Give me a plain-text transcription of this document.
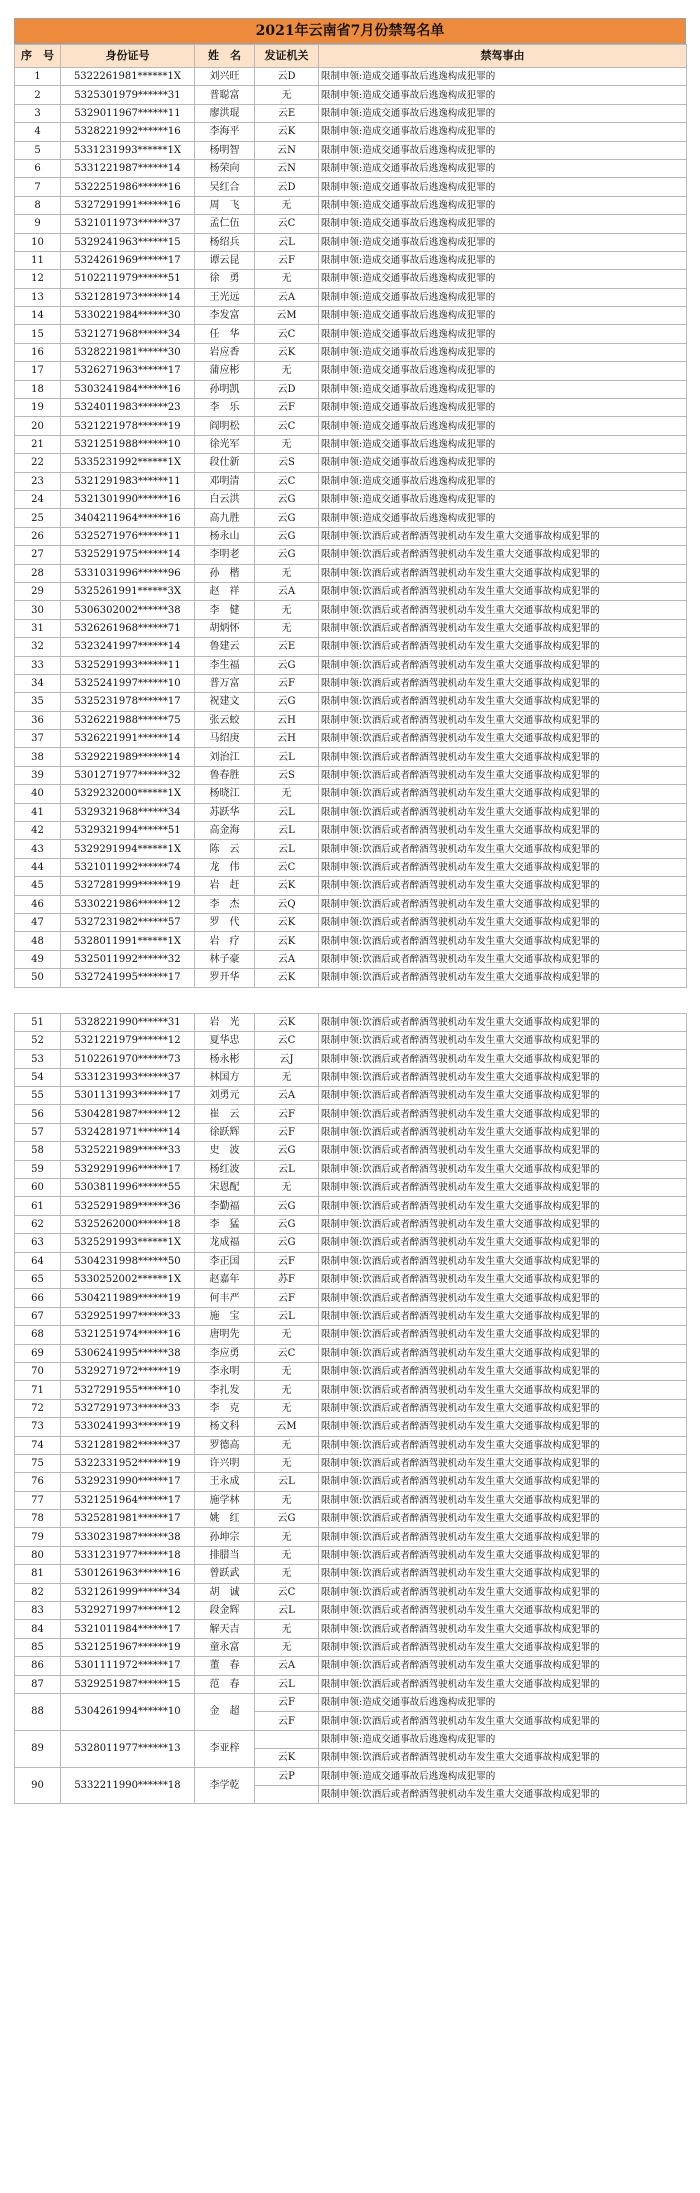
2021年云南省7月份禁驾名单
序　号	身份证号	姓　名	发证机关	禁驾事由
1	5322261981******1X	刘兴旺	云D	限制申领:造成交通事故后逃逸构成犯罪的
2	5325301979******31	普聪富	无	限制申领:造成交通事故后逃逸构成犯罪的
3	5329011967******11	廖洪琨	云E	限制申领:造成交通事故后逃逸构成犯罪的
4	5328221992******16	李海平	云K	限制申领:造成交通事故后逃逸构成犯罪的
5	5331231993******1X	杨明智	云N	限制申领:造成交通事故后逃逸构成犯罪的
6	5331221987******14	杨荣向	云N	限制申领:造成交通事故后逃逸构成犯罪的
7	5322251986******16	吴红合	云D	限制申领:造成交通事故后逃逸构成犯罪的
8	5327291991******16	周　飞	无	限制申领:造成交通事故后逃逸构成犯罪的
9	5321011973******37	孟仁伍	云C	限制申领:造成交通事故后逃逸构成犯罪的
10	5329241963******15	杨绍兵	云L	限制申领:造成交通事故后逃逸构成犯罪的
11	5324261969******17	谭云昆	云F	限制申领:造成交通事故后逃逸构成犯罪的
12	5102211979******51	徐　勇	无	限制申领:造成交通事故后逃逸构成犯罪的
13	5321281973******14	王光远	云A	限制申领:造成交通事故后逃逸构成犯罪的
14	5330221984******30	李发富	云M	限制申领:造成交通事故后逃逸构成犯罪的
15	5321271968******34	任　华	云C	限制申领:造成交通事故后逃逸构成犯罪的
16	5328221981******30	岩应香	云K	限制申领:造成交通事故后逃逸构成犯罪的
17	5326271963******17	蒲应彬	无	限制申领:造成交通事故后逃逸构成犯罪的
18	5303241984******16	孙明凯	云D	限制申领:造成交通事故后逃逸构成犯罪的
19	5324011983******23	李　乐	云F	限制申领:造成交通事故后逃逸构成犯罪的
20	5321221978******19	阎明松	云C	限制申领:造成交通事故后逃逸构成犯罪的
21	5321251988******10	徐光军	无	限制申领:造成交通事故后逃逸构成犯罪的
22	5335231992******1X	段仕新	云S	限制申领:造成交通事故后逃逸构成犯罪的
23	5321291983******11	邓明清	云C	限制申领:造成交通事故后逃逸构成犯罪的
24	5321301990******16	白云洪	云G	限制申领:造成交通事故后逃逸构成犯罪的
25	3404211964******16	高九胜	云G	限制申领:造成交通事故后逃逸构成犯罪的
26	5325271976******11	杨永山	云G	限制申领:饮酒后或者醉酒驾驶机动车发生重大交通事故构成犯罪的
27	5325291975******14	李明老	云G	限制申领:饮酒后或者醉酒驾驶机动车发生重大交通事故构成犯罪的
28	5331031996******96	孙　楷	无	限制申领:饮酒后或者醉酒驾驶机动车发生重大交通事故构成犯罪的
29	5325261991******3X	赵　祥	云A	限制申领:饮酒后或者醉酒驾驶机动车发生重大交通事故构成犯罪的
30	5306302002******38	李　健	无	限制申领:饮酒后或者醉酒驾驶机动车发生重大交通事故构成犯罪的
31	5326261968******71	胡炳怀	无	限制申领:饮酒后或者醉酒驾驶机动车发生重大交通事故构成犯罪的
32	5323241997******14	鲁建云	云E	限制申领:饮酒后或者醉酒驾驶机动车发生重大交通事故构成犯罪的
33	5325291993******11	李生福	云G	限制申领:饮酒后或者醉酒驾驶机动车发生重大交通事故构成犯罪的
34	5325241997******10	普万富	云F	限制申领:饮酒后或者醉酒驾驶机动车发生重大交通事故构成犯罪的
35	5325231978******17	祝建文	云G	限制申领:饮酒后或者醉酒驾驶机动车发生重大交通事故构成犯罪的
36	5326221988******75	张云蛟	云H	限制申领:饮酒后或者醉酒驾驶机动车发生重大交通事故构成犯罪的
37	5326221991******14	马绍庚	云H	限制申领:饮酒后或者醉酒驾驶机动车发生重大交通事故构成犯罪的
38	5329221989******14	刘治江	云L	限制申领:饮酒后或者醉酒驾驶机动车发生重大交通事故构成犯罪的
39	5301271977******32	鲁春胜	云S	限制申领:饮酒后或者醉酒驾驶机动车发生重大交通事故构成犯罪的
40	5329232000******1X	杨晓江	无	限制申领:饮酒后或者醉酒驾驶机动车发生重大交通事故构成犯罪的
41	5329321968******34	苏跃华	云L	限制申领:饮酒后或者醉酒驾驶机动车发生重大交通事故构成犯罪的
42	5329321994******51	高金海	云L	限制申领:饮酒后或者醉酒驾驶机动车发生重大交通事故构成犯罪的
43	5329291994******1X	陈　云	云L	限制申领:饮酒后或者醉酒驾驶机动车发生重大交通事故构成犯罪的
44	5321011992******74	龙　伟	云C	限制申领:饮酒后或者醉酒驾驶机动车发生重大交通事故构成犯罪的
45	5327281999******19	岩　赶	云K	限制申领:饮酒后或者醉酒驾驶机动车发生重大交通事故构成犯罪的
46	5330221986******12	李　杰	云Q	限制申领:饮酒后或者醉酒驾驶机动车发生重大交通事故构成犯罪的
47	5327231982******57	罗　代	云K	限制申领:饮酒后或者醉酒驾驶机动车发生重大交通事故构成犯罪的
48	5328011991******1X	岩　疗	云K	限制申领:饮酒后或者醉酒驾驶机动车发生重大交通事故构成犯罪的
49	5325011992******32	林子豪	云A	限制申领:饮酒后或者醉酒驾驶机动车发生重大交通事故构成犯罪的
50	5327241995******17	罗开华	云K	限制申领:饮酒后或者醉酒驾驶机动车发生重大交通事故构成犯罪的
51	5328221990******31	岩　光	云K	限制申领:饮酒后或者醉酒驾驶机动车发生重大交通事故构成犯罪的
52	5321221979******12	夏华忠	云C	限制申领:饮酒后或者醉酒驾驶机动车发生重大交通事故构成犯罪的
53	5102261970******73	杨永彬	云J	限制申领:饮酒后或者醉酒驾驶机动车发生重大交通事故构成犯罪的
54	5331231993******37	林国方	无	限制申领:饮酒后或者醉酒驾驶机动车发生重大交通事故构成犯罪的
55	5301131993******17	刘勇元	云A	限制申领:饮酒后或者醉酒驾驶机动车发生重大交通事故构成犯罪的
56	5304281987******12	崔　云	云F	限制申领:饮酒后或者醉酒驾驶机动车发生重大交通事故构成犯罪的
57	5324281971******14	徐跃辉	云F	限制申领:饮酒后或者醉酒驾驶机动车发生重大交通事故构成犯罪的
58	5325221989******33	史　波	云G	限制申领:饮酒后或者醉酒驾驶机动车发生重大交通事故构成犯罪的
59	5329291996******17	杨红波	云L	限制申领:饮酒后或者醉酒驾驶机动车发生重大交通事故构成犯罪的
60	5303811996******55	宋恩配	无	限制申领:饮酒后或者醉酒驾驶机动车发生重大交通事故构成犯罪的
61	5325291989******36	李勤福	云G	限制申领:饮酒后或者醉酒驾驶机动车发生重大交通事故构成犯罪的
62	5325262000******18	李　猛	云G	限制申领:饮酒后或者醉酒驾驶机动车发生重大交通事故构成犯罪的
63	5325291993******1X	龙成福	云G	限制申领:饮酒后或者醉酒驾驶机动车发生重大交通事故构成犯罪的
64	5304231998******50	李正国	云F	限制申领:饮酒后或者醉酒驾驶机动车发生重大交通事故构成犯罪的
65	5330252002******1X	赵嘉年	苏F	限制申领:饮酒后或者醉酒驾驶机动车发生重大交通事故构成犯罪的
66	5304211989******19	何丰严	云F	限制申领:饮酒后或者醉酒驾驶机动车发生重大交通事故构成犯罪的
67	5329251997******33	施　宝	云L	限制申领:饮酒后或者醉酒驾驶机动车发生重大交通事故构成犯罪的
68	5321251974******16	唐明先	无	限制申领:饮酒后或者醉酒驾驶机动车发生重大交通事故构成犯罪的
69	5306241995******38	李应勇	云C	限制申领:饮酒后或者醉酒驾驶机动车发生重大交通事故构成犯罪的
70	5329271972******19	李永明	无	限制申领:饮酒后或者醉酒驾驶机动车发生重大交通事故构成犯罪的
71	5327291955******10	李扎发	无	限制申领:饮酒后或者醉酒驾驶机动车发生重大交通事故构成犯罪的
72	5327291973******33	李　克	无	限制申领:饮酒后或者醉酒驾驶机动车发生重大交通事故构成犯罪的
73	5330241993******19	杨文科	云M	限制申领:饮酒后或者醉酒驾驶机动车发生重大交通事故构成犯罪的
74	5321281982******37	罗德高	无	限制申领:饮酒后或者醉酒驾驶机动车发生重大交通事故构成犯罪的
75	5322331952******19	许兴明	无	限制申领:饮酒后或者醉酒驾驶机动车发生重大交通事故构成犯罪的
76	5329231990******17	王永成	云L	限制申领:饮酒后或者醉酒驾驶机动车发生重大交通事故构成犯罪的
77	5321251964******17	施学林	无	限制申领:饮酒后或者醉酒驾驶机动车发生重大交通事故构成犯罪的
78	5325281981******17	姚　红	云G	限制申领:饮酒后或者醉酒驾驶机动车发生重大交通事故构成犯罪的
79	5330231987******38	孙坤宗	无	限制申领:饮酒后或者醉酒驾驶机动车发生重大交通事故构成犯罪的
80	5331231977******18	排腊当	无	限制申领:饮酒后或者醉酒驾驶机动车发生重大交通事故构成犯罪的
81	5301261963******16	曾跃武	无	限制申领:饮酒后或者醉酒驾驶机动车发生重大交通事故构成犯罪的
82	5321261999******34	胡　诚	云C	限制申领:饮酒后或者醉酒驾驶机动车发生重大交通事故构成犯罪的
83	5329271997******12	段金辉	云L	限制申领:饮酒后或者醉酒驾驶机动车发生重大交通事故构成犯罪的
84	5321011984******17	解天吉	无	限制申领:饮酒后或者醉酒驾驶机动车发生重大交通事故构成犯罪的
85	5321251967******19	童永富	无	限制申领:饮酒后或者醉酒驾驶机动车发生重大交通事故构成犯罪的
86	5301111972******17	董　春	云A	限制申领:饮酒后或者醉酒驾驶机动车发生重大交通事故构成犯罪的
87	5329251987******15	范　春	云L	限制申领:饮酒后或者醉酒驾驶机动车发生重大交通事故构成犯罪的
88	5304261994******10	金　超	云F	限制申领:造成交通事故后逃逸构成犯罪的
			云F	限制申领:饮酒后或者醉酒驾驶机动车发生重大交通事故构成犯罪的
89	5328011977******13	李亚梓		限制申领:造成交通事故后逃逸构成犯罪的
			云K	限制申领:饮酒后或者醉酒驾驶机动车发生重大交通事故构成犯罪的
90	5332211990******18	李学乾	云P	限制申领:造成交通事故后逃逸构成犯罪的
				限制申领:饮酒后或者醉酒驾驶机动车发生重大交通事故构成犯罪的
